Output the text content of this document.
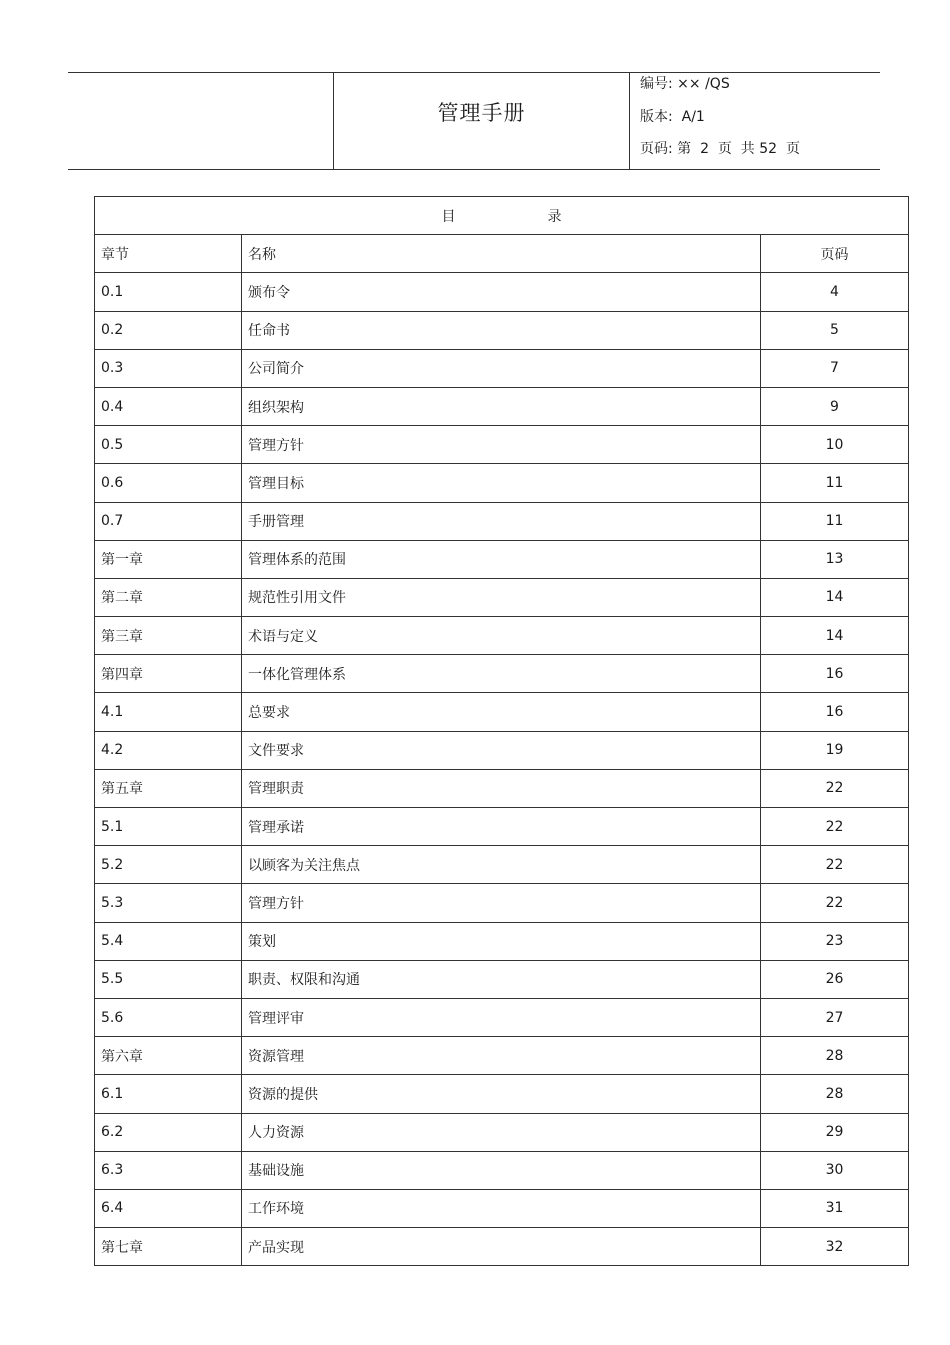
管理手册
编号: ×× /QS
版本:  A/1
页码: 第  2  页  共 52  页
目 录		
章节	名称	页码
0.1	颁布令	4
0.2	任命书	5
0.3	公司简介	7
0.4	组织架构	9
0.5	管理方针	10
0.6	管理目标	11
0.7	手册管理	11
第一章	管理体系的范围	13
第二章	规范性引用文件	14
第三章	术语与定义	14
第四章	一体化管理体系	16
4.1	总要求	16
4.2	文件要求	19
第五章	管理职责	22
5.1	管理承诺	22
5.2	以顾客为关注焦点	22
5.3	管理方针	22
5.4	策划	23
5.5	职责、权限和沟通	26
5.6	管理评审	27
第六章	资源管理	28
6.1	资源的提供	28
6.2	人力资源	29
6.3	基础设施	30
6.4	工作环境	31
第七章	产品实现	32
